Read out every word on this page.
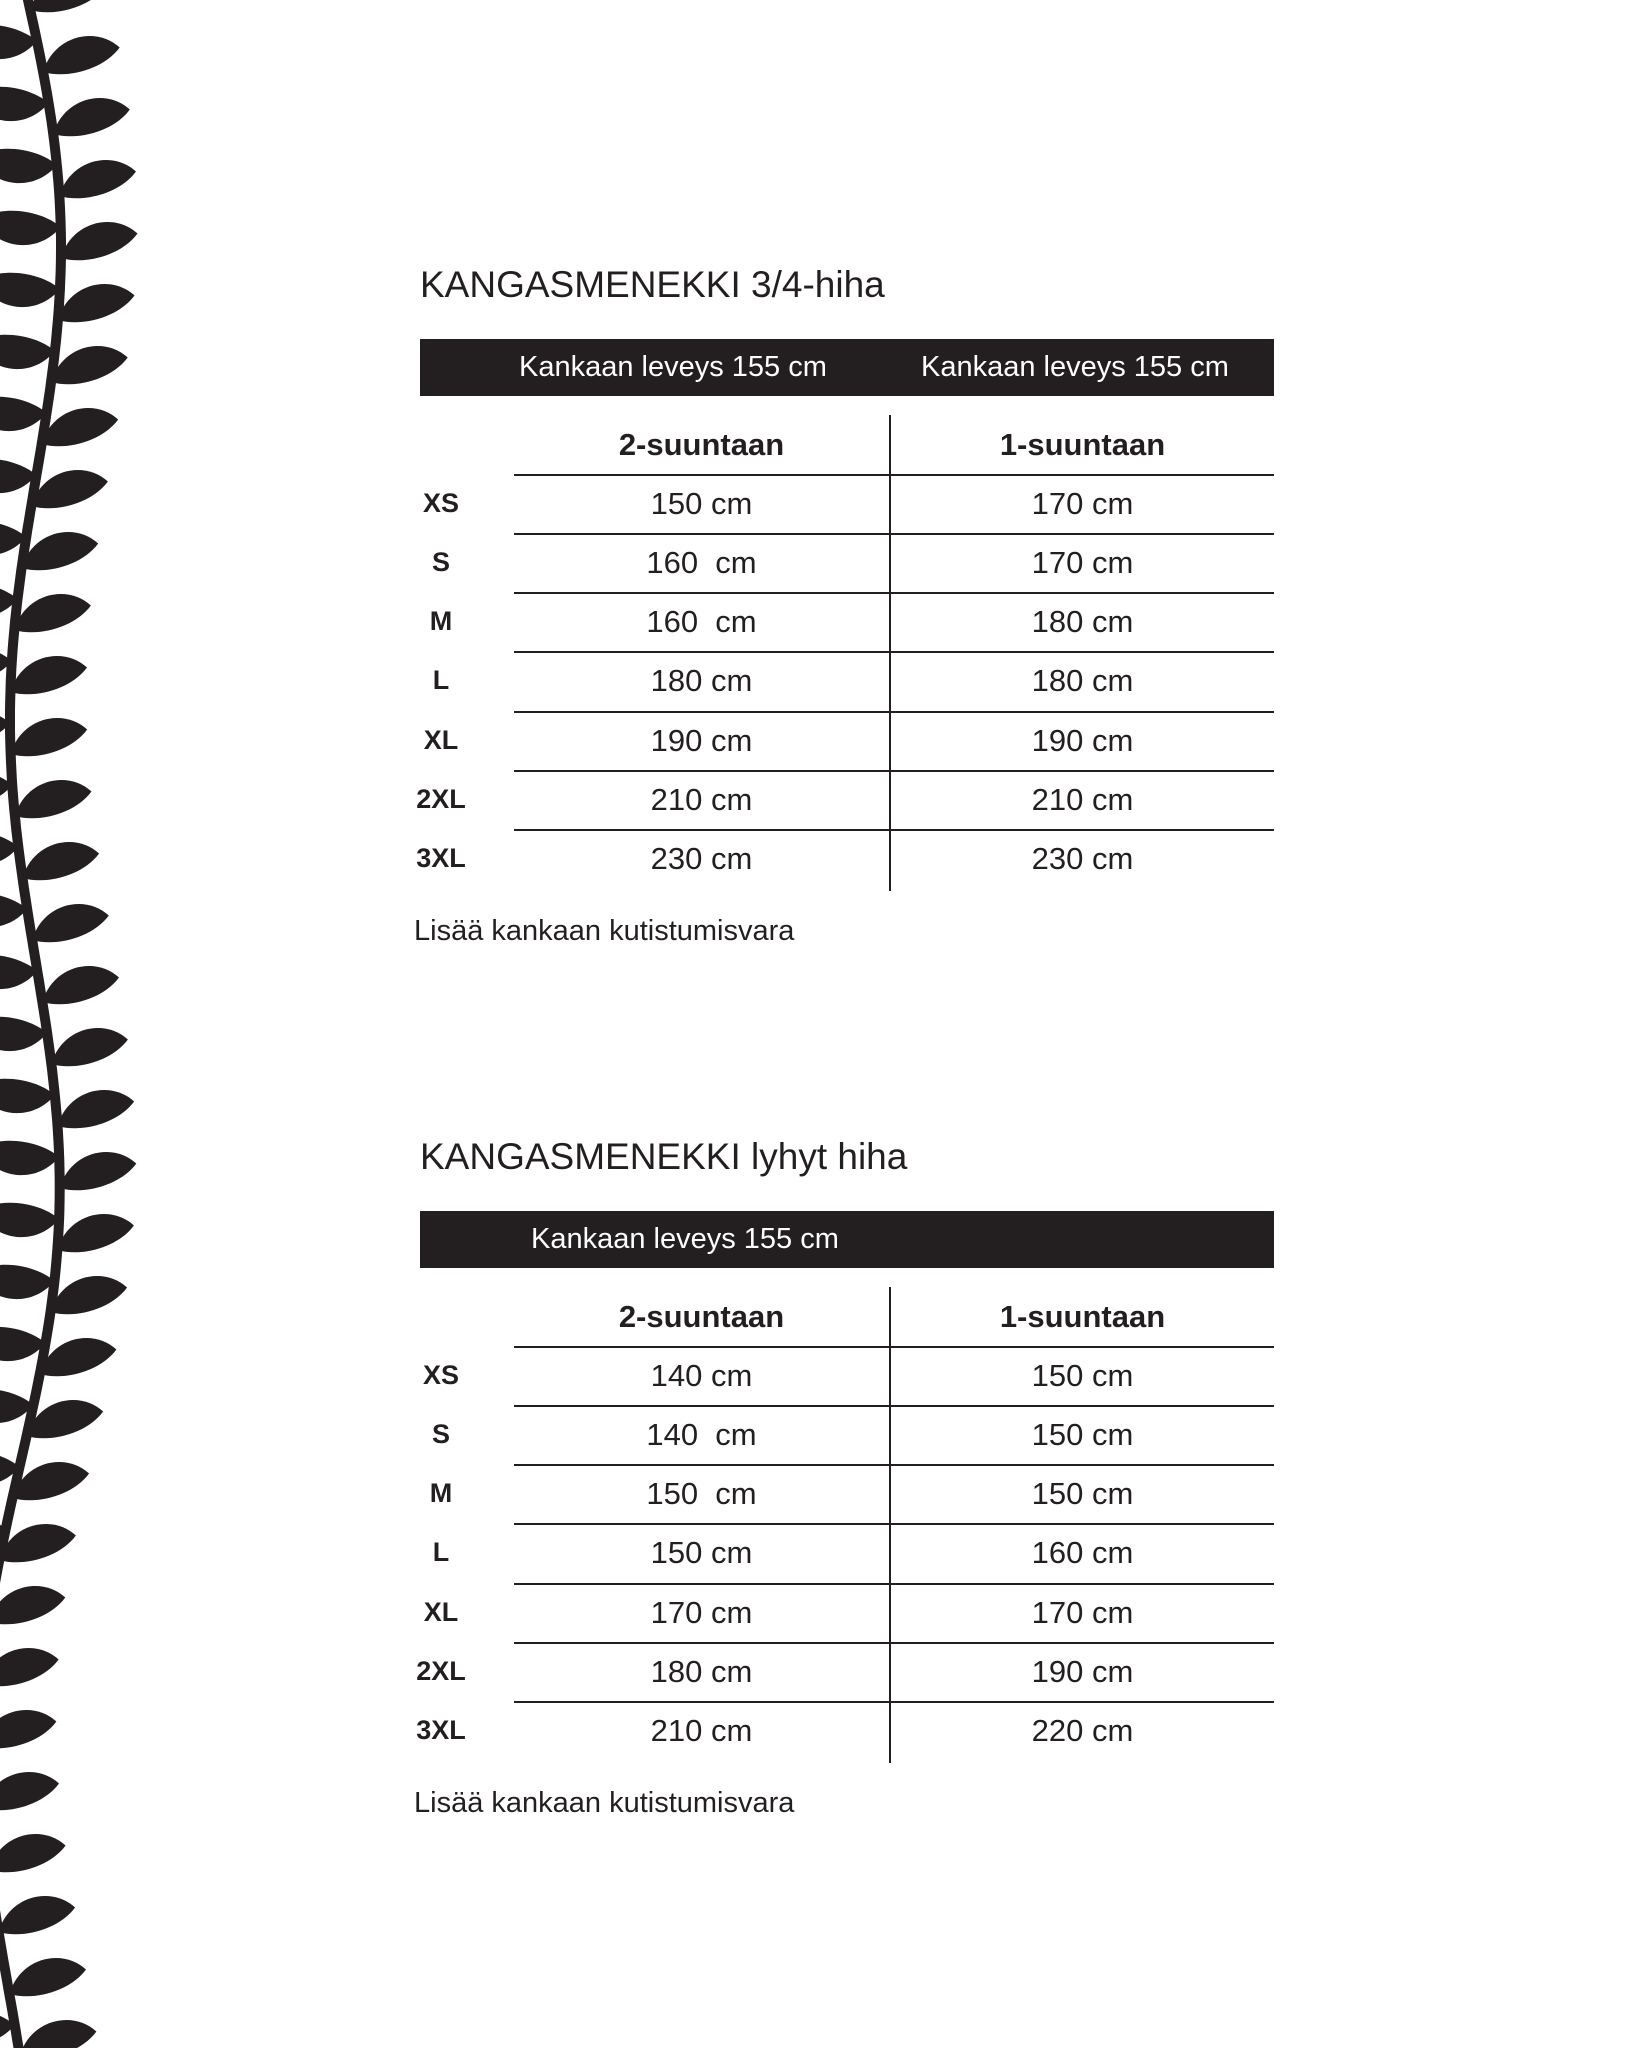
KANGASMENEKKI 3/4-hiha
Kankaan leveys 155 cm	Kankaan leveys 155 cm
2-suuntaan	1-suuntaan
XS	150 cm	170 cm
S	160  cm	170 cm
M	160  cm	180 cm
L	180 cm	180 cm
XL	190 cm	190 cm
2XL	210 cm	210 cm
3XL	230 cm	230 cm
Lisää kankaan kutistumisvara
KANGASMENEKKI lyhyt hiha
Kankaan leveys 155 cm
2-suuntaan	1-suuntaan
XS	140 cm	150 cm
S	140  cm	150 cm
M	150  cm	150 cm
L	150 cm	160 cm
XL	170 cm	170 cm
2XL	180 cm	190 cm
3XL	210 cm	220 cm
Lisää kankaan kutistumisvara
